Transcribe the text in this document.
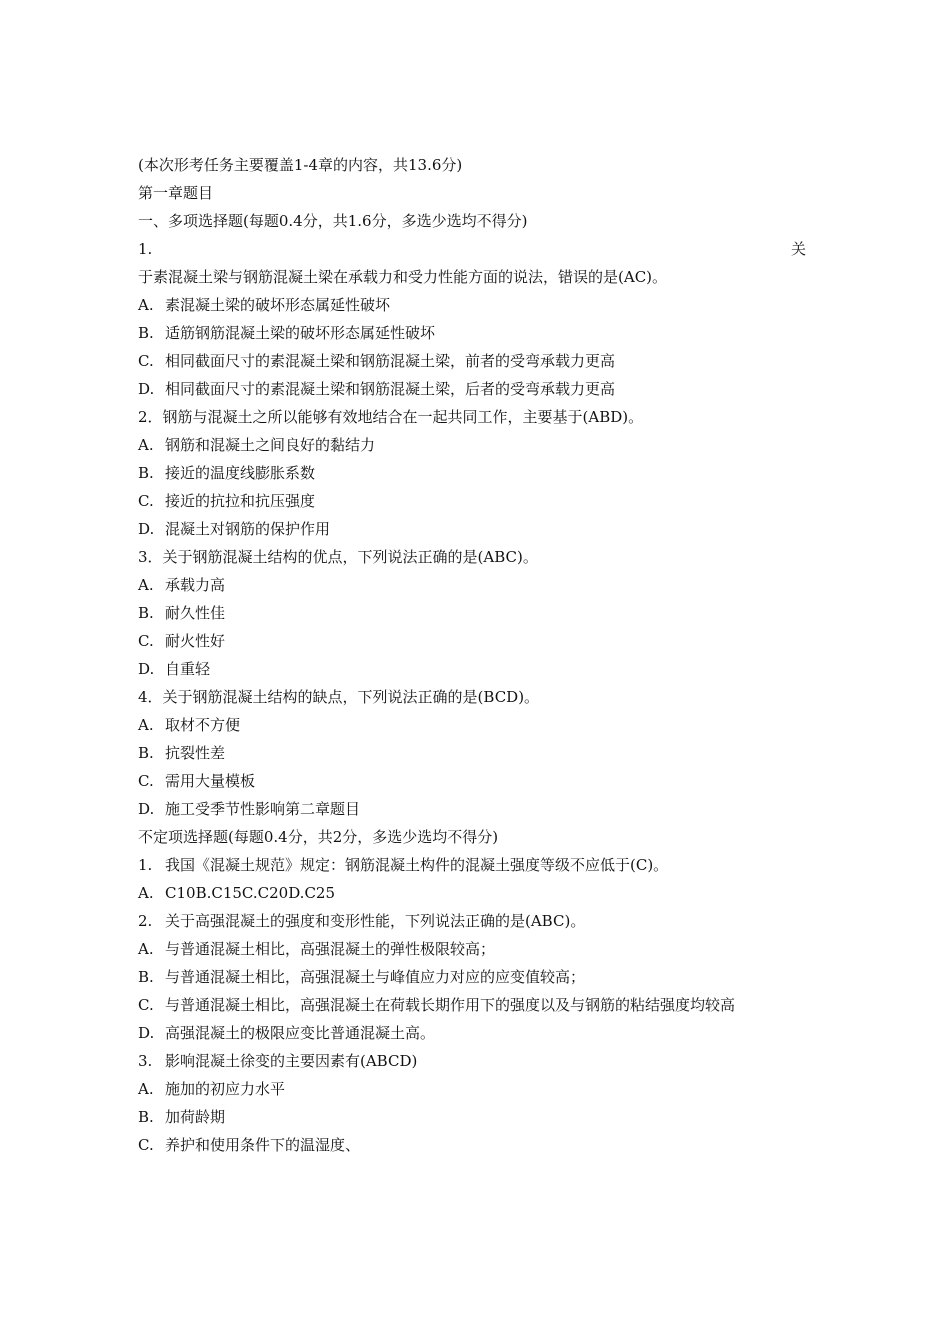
(本次形考任务主要覆盖1-4章的内容，共13.6分)
第一章题目
一、多项选择题(每题0.4分，共1.6分，多选少选均不得分)
1.	关
于素混凝土梁与钢筋混凝土梁在承载力和受力性能方面的说法，错误的是(AC)。
A. 素混凝土梁的破坏形态属延性破坏
B. 适筋钢筋混凝土梁的破坏形态属延性破坏
C. 相同截面尺寸的素混凝土梁和钢筋混凝土梁，前者的受弯承载力更高
D. 相同截面尺寸的素混凝土梁和钢筋混凝土梁，后者的受弯承载力更高
2．钢筋与混凝土之所以能够有效地结合在一起共同工作，主要基于(ABD)。
A. 钢筋和混凝土之间良好的黏结力
B. 接近的温度线膨胀系数
C. 接近的抗拉和抗压强度
D. 混凝土对钢筋的保护作用
3．关于钢筋混凝土结构的优点，下列说法正确的是(ABC)。
A. 承载力高
B. 耐久性佳
C. 耐火性好
D. 自重轻
4．关于钢筋混凝土结构的缺点，下列说法正确的是(BCD)。
A. 取材不方便
B. 抗裂性差
C. 需用大量模板
D. 施工受季节性影响第二章题目
不定项选择题(每题0.4分，共2分，多选少选均不得分)
1. 我国《混凝土规范》规定：钢筋混凝土构件的混凝土强度等级不应低于(C)。
A. C10B.C15C.C20D.C25
2. 关于高强混凝土的强度和变形性能，下列说法正确的是(ABC)。
A. 与普通混凝土相比，高强混凝土的弹性极限较高；
B. 与普通混凝土相比，高强混凝土与峰值应力对应的应变值较高；
C. 与普通混凝土相比，高强混凝土在荷载长期作用下的强度以及与钢筋的粘结强度均较高
D. 高强混凝土的极限应变比普通混凝土高。
3. 影响混凝土徐变的主要因素有(ABCD)
A. 施加的初应力水平
B. 加荷龄期
C. 养护和使用条件下的温湿度、
